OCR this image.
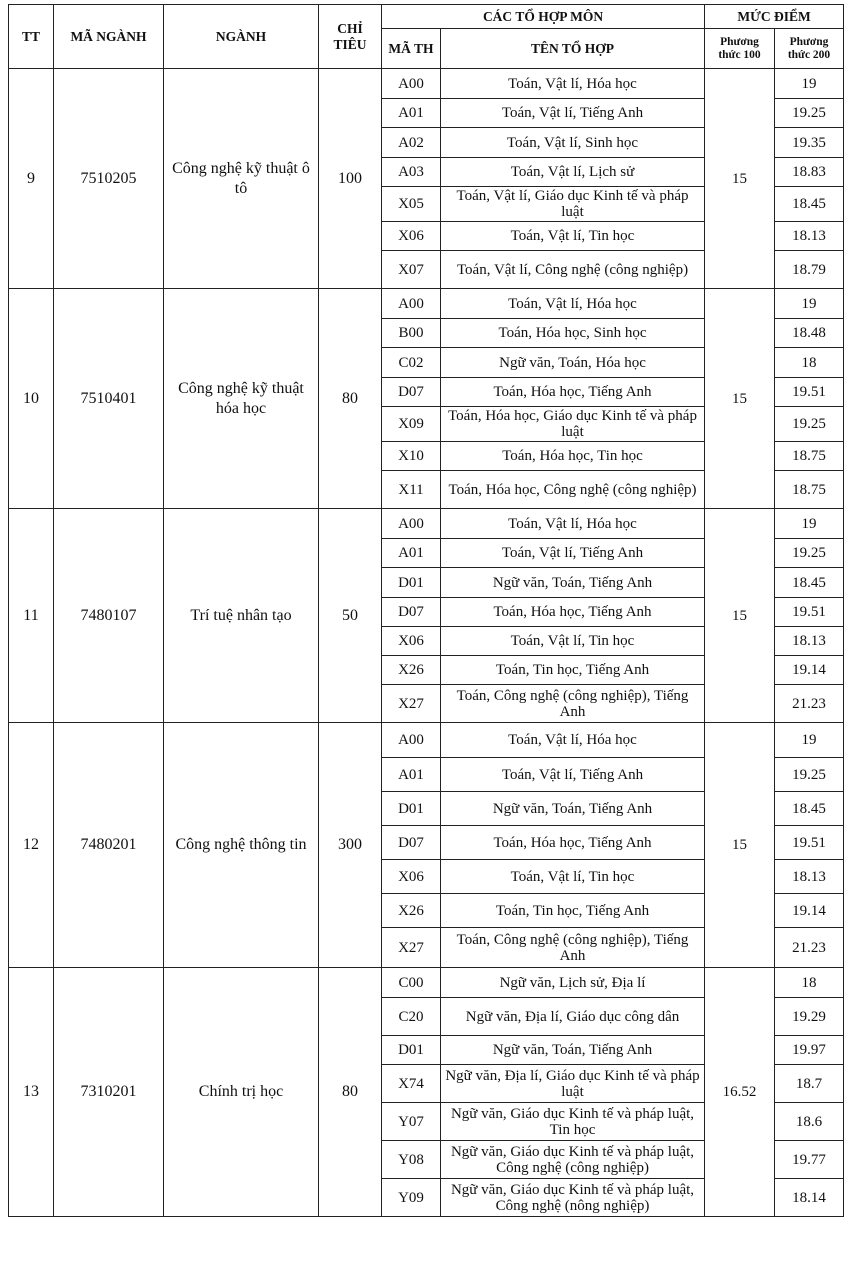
TT	MÃ NGÀNH	NGÀNH	CHỈ TIÊU	CÁC TỔ HỢP MÔN		MỨC ĐIỂM	
				MÃ TH	TÊN TỔ HỢP	Phương thức 100	Phương thức 200
9	7510205	Công nghệ kỹ thuật ô tô	100	A00	Toán, Vật lí, Hóa học	15	19
				A01	Toán, Vật lí, Tiếng Anh		19.25
				A02	Toán, Vật lí, Sinh học		19.35
				A03	Toán, Vật lí, Lịch sử		18.83
				X05	Toán, Vật lí, Giáo dục Kinh tế và pháp luật		18.45
				X06	Toán, Vật lí, Tin học		18.13
				X07	Toán, Vật lí, Công nghệ (công nghiệp)		18.79
10	7510401	Công nghệ kỹ thuật hóa học	80	A00	Toán, Vật lí, Hóa học	15	19
				B00	Toán, Hóa học, Sinh học		18.48
				C02	Ngữ văn, Toán, Hóa học		18
				D07	Toán, Hóa học, Tiếng Anh		19.51
				X09	Toán, Hóa học, Giáo dục Kinh tế và pháp luật		19.25
				X10	Toán, Hóa học, Tin học		18.75
				X11	Toán, Hóa học, Công nghệ (công nghiệp)		18.75
11	7480107	Trí tuệ nhân tạo	50	A00	Toán, Vật lí, Hóa học	15	19
				A01	Toán, Vật lí, Tiếng Anh		19.25
				D01	Ngữ văn, Toán, Tiếng Anh		18.45
				D07	Toán, Hóa học, Tiếng Anh		19.51
				X06	Toán, Vật lí, Tin học		18.13
				X26	Toán, Tin học, Tiếng Anh		19.14
				X27	Toán, Công nghệ (công nghiệp), Tiếng Anh		21.23
12	7480201	Công nghệ thông tin	300	A00	Toán, Vật lí, Hóa học	15	19
				A01	Toán, Vật lí, Tiếng Anh		19.25
				D01	Ngữ văn, Toán, Tiếng Anh		18.45
				D07	Toán, Hóa học, Tiếng Anh		19.51
				X06	Toán, Vật lí, Tin học		18.13
				X26	Toán, Tin học, Tiếng Anh		19.14
				X27	Toán, Công nghệ (công nghiệp), Tiếng Anh		21.23
13	7310201	Chính trị học	80	C00	Ngữ văn, Lịch sử, Địa lí	16.52	18
				C20	Ngữ văn, Địa lí, Giáo dục công dân		19.29
				D01	Ngữ văn, Toán, Tiếng Anh		19.97
				X74	Ngữ văn, Địa lí, Giáo dục Kinh tế và pháp luật		18.7
				Y07	Ngữ văn, Giáo dục Kinh tế và pháp luật, Tin học		18.6
				Y08	Ngữ văn, Giáo dục Kinh tế và pháp luật, Công nghệ (công nghiệp)		19.77
				Y09	Ngữ văn, Giáo dục Kinh tế và pháp luật, Công nghệ (nông nghiệp)		18.14
